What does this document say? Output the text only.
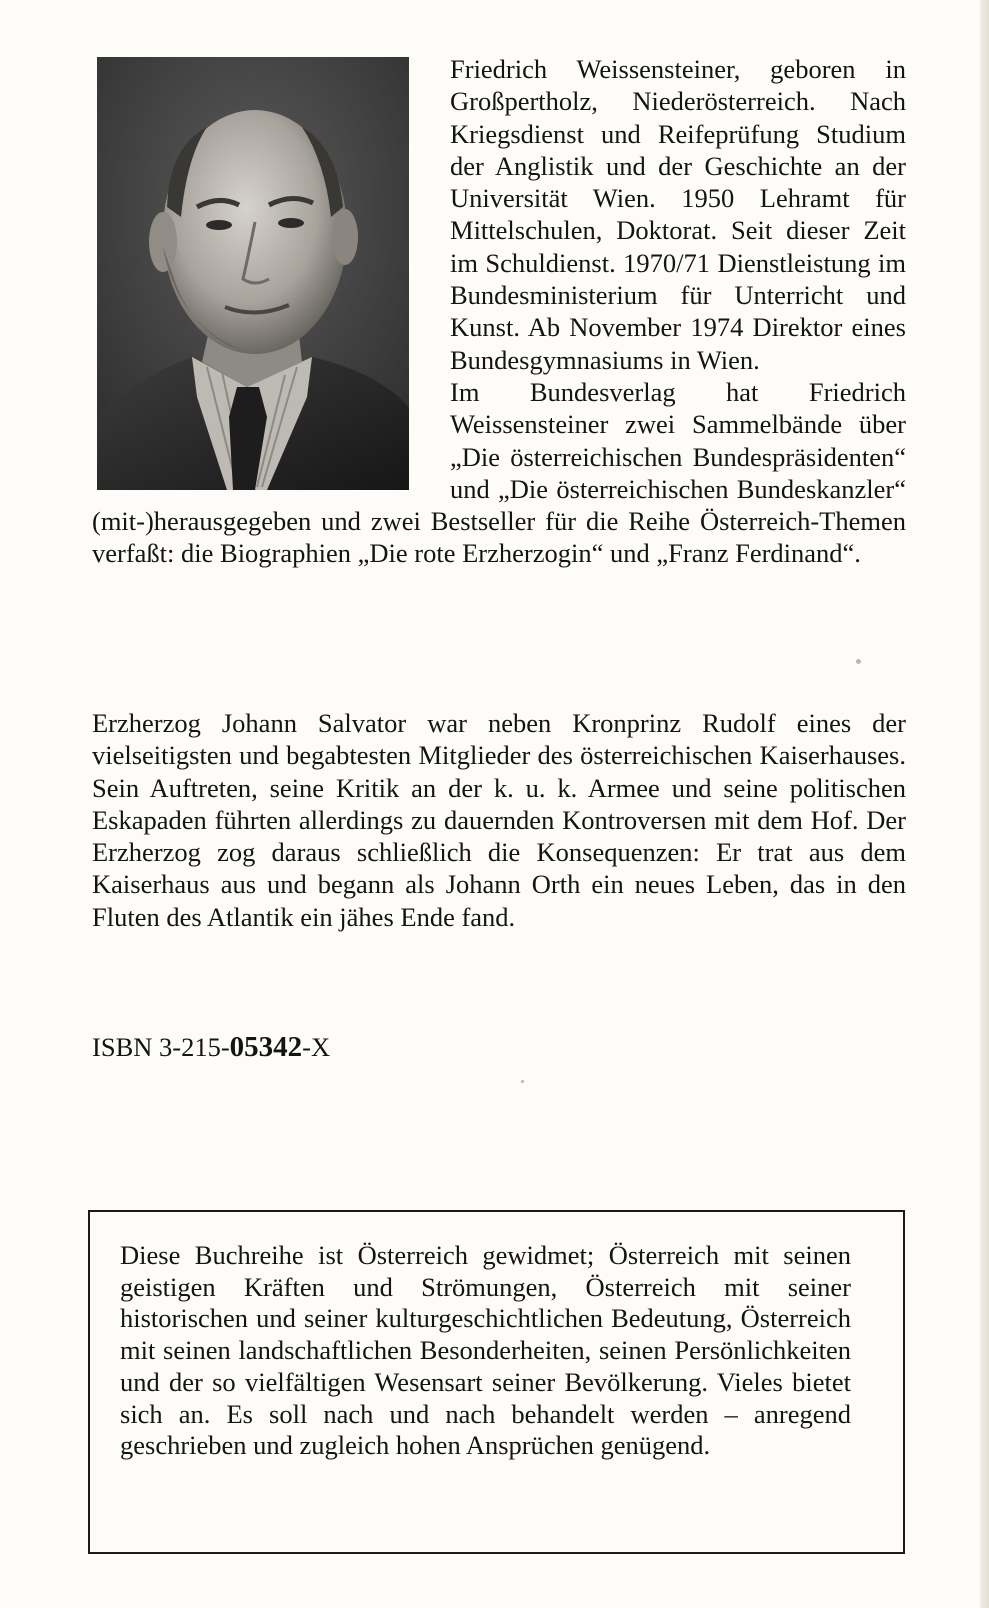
Friedrich Weissensteiner, geboren in Großpertholz, Niederösterreich. Nach Kriegsdienst und Reifeprüfung Studium der Anglistik und der Geschichte an der Universität Wien. 1950 Lehramt für Mittelschulen, Doktorat. Seit dieser Zeit im Schuldienst. 1970/71 Dienstleistung im Bundesministerium für Unterricht und Kunst. Ab November 1974 Direktor eines Bundesgymnasiums in Wien.

Im Bundesverlag hat Friedrich Weissensteiner zwei Sammelbände über „Die österreichischen Bundespräsidenten“ und „Die österreichischen Bundeskanzler“ (mit-)herausgegeben und zwei Bestseller für die Reihe Österreich-Themen verfaßt: die Biographien „Die rote Erzherzogin“ und „Franz Ferdinand“.

Erzherzog Johann Salvator war neben Kronprinz Rudolf eines der vielseitigsten und begabtesten Mitglieder des österreichischen Kaiserhauses. Sein Auftreten, seine Kritik an der k. u. k. Armee und seine politischen Eskapaden führten allerdings zu dauernden Kontroversen mit dem Hof. Der Erzherzog zog daraus schließlich die Konsequenzen: Er trat aus dem Kaiserhaus aus und begann als Johann Orth ein neues Leben, das in den Fluten des Atlantik ein jähes Ende fand.

ISBN 3-215-05342-X

Diese Buchreihe ist Österreich gewidmet; Österreich mit seinen geistigen Kräften und Strömungen, Österreich mit seiner historischen und seiner kulturgeschichtlichen Bedeutung, Österreich mit seinen landschaftlichen Besonderheiten, seinen Persönlichkeiten und der so vielfältigen Wesensart seiner Bevölkerung. Vieles bietet sich an. Es soll nach und nach behandelt werden – anregend geschrieben und zugleich hohen Ansprüchen genügend.
